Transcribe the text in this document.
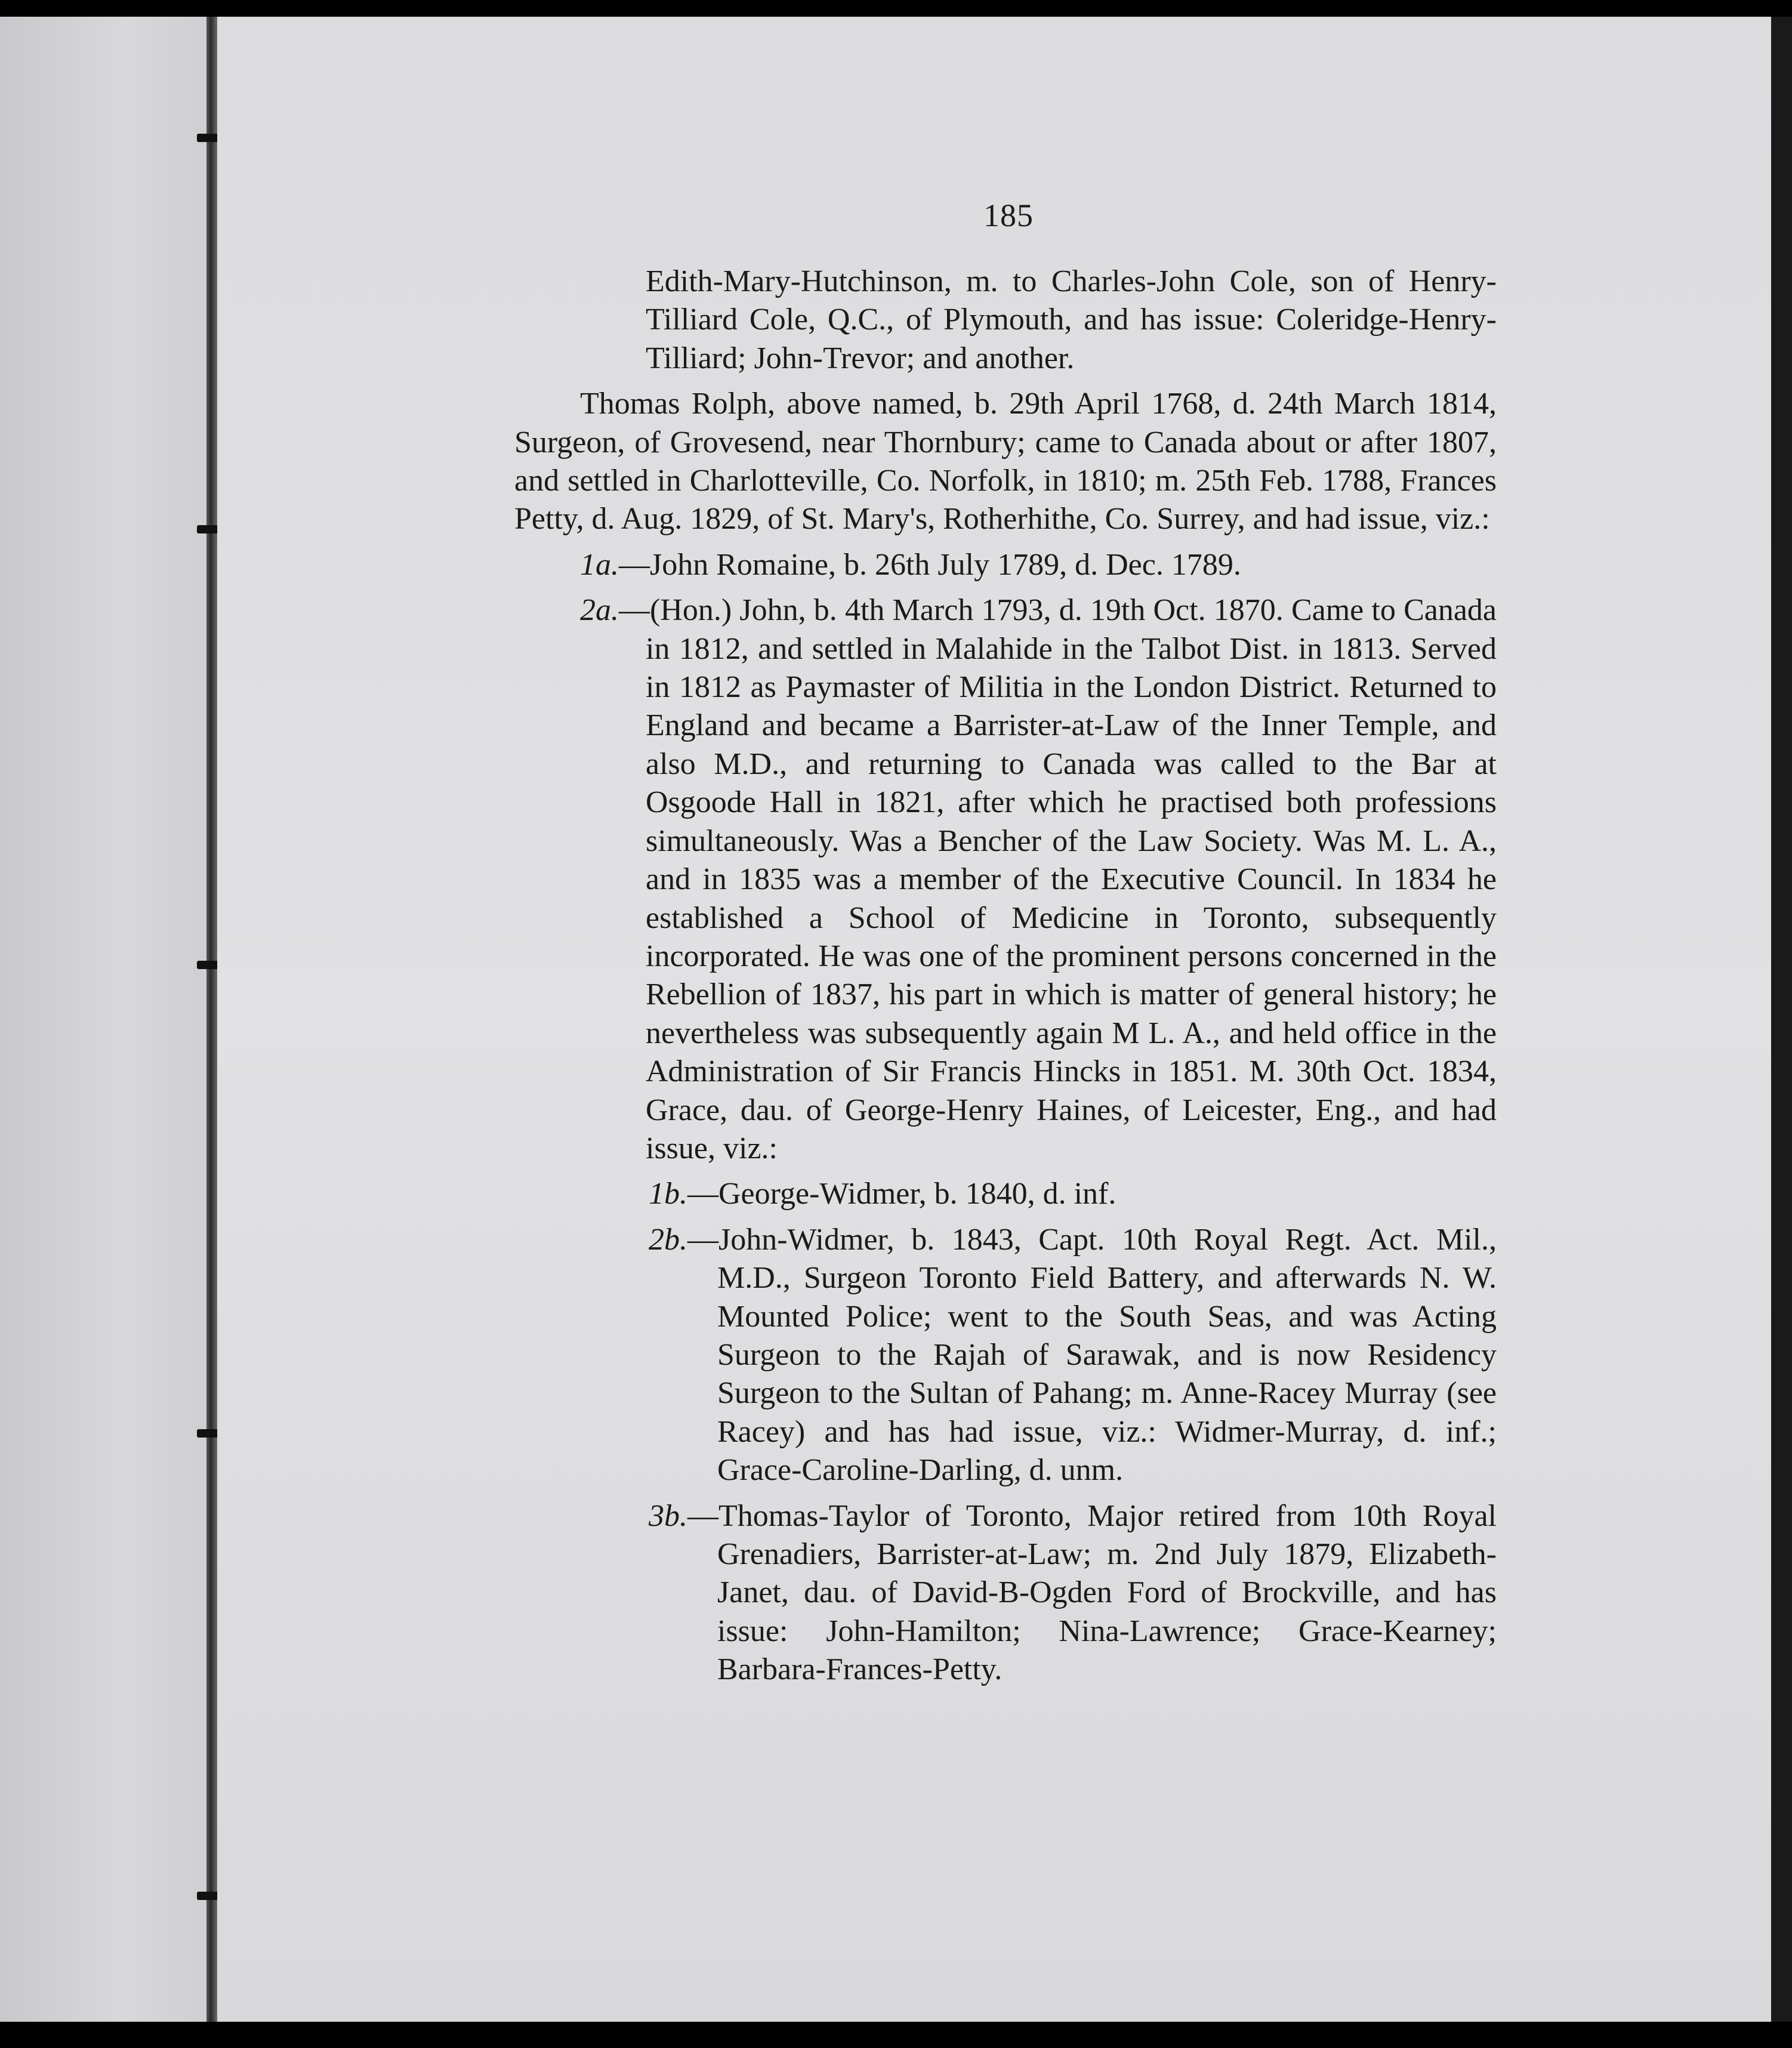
185

Edith-Mary-Hutchinson, m. to Charles-John Cole, son of Henry-Tilliard Cole, Q.C., of Plymouth, and has issue: Coleridge-Henry-Tilliard; John-Trevor; and another.

Thomas Rolph, above named, b. 29th April 1768, d. 24th March 1814, Surgeon, of Grovesend, near Thornbury; came to Canada about or after 1807, and settled in Charlotteville, Co. Norfolk, in 1810; m. 25th Feb. 1788, Frances Petty, d. Aug. 1829, of St. Mary's, Rotherhithe, Co. Surrey, and had issue, viz.:

1a.—John Romaine, b. 26th July 1789, d. Dec. 1789.

2a.—(Hon.) John, b. 4th March 1793, d. 19th Oct. 1870. Came to Canada in 1812, and settled in Malahide in the Talbot Dist. in 1813. Served in 1812 as Paymaster of Militia in the London District. Returned to England and became a Barrister-at-Law of the Inner Temple, and also M.D., and returning to Canada was called to the Bar at Osgoode Hall in 1821, after which he practised both professions simultaneously. Was a Bencher of the Law Society. Was M. L. A., and in 1835 was a member of the Executive Council. In 1834 he established a School of Medicine in Toronto, subsequently incorporated. He was one of the prominent persons concerned in the Rebellion of 1837, his part in which is matter of general history; he nevertheless was subsequently again M L. A., and held office in the Administration of Sir Francis Hincks in 1851. M. 30th Oct. 1834, Grace, dau. of George-Henry Haines, of Leicester, Eng., and had issue, viz.:

1b.—George-Widmer, b. 1840, d. inf.

2b.—John-Widmer, b. 1843, Capt. 10th Royal Regt. Act. Mil., M.D., Surgeon Toronto Field Battery, and afterwards N. W. Mounted Police; went to the South Seas, and was Acting Surgeon to the Rajah of Sarawak, and is now Residency Surgeon to the Sultan of Pahang; m. Anne-Racey Murray (see Racey) and has had issue, viz.: Widmer-Murray, d. inf.; Grace-Caroline-Darling, d. unm.

3b.—Thomas-Taylor of Toronto, Major retired from 10th Royal Grenadiers, Barrister-at-Law; m. 2nd July 1879, Elizabeth-Janet, dau. of David-B-Ogden Ford of Brockville, and has issue: John-Hamilton; Nina-Lawrence; Grace-Kearney; Barbara-Frances-Petty.
